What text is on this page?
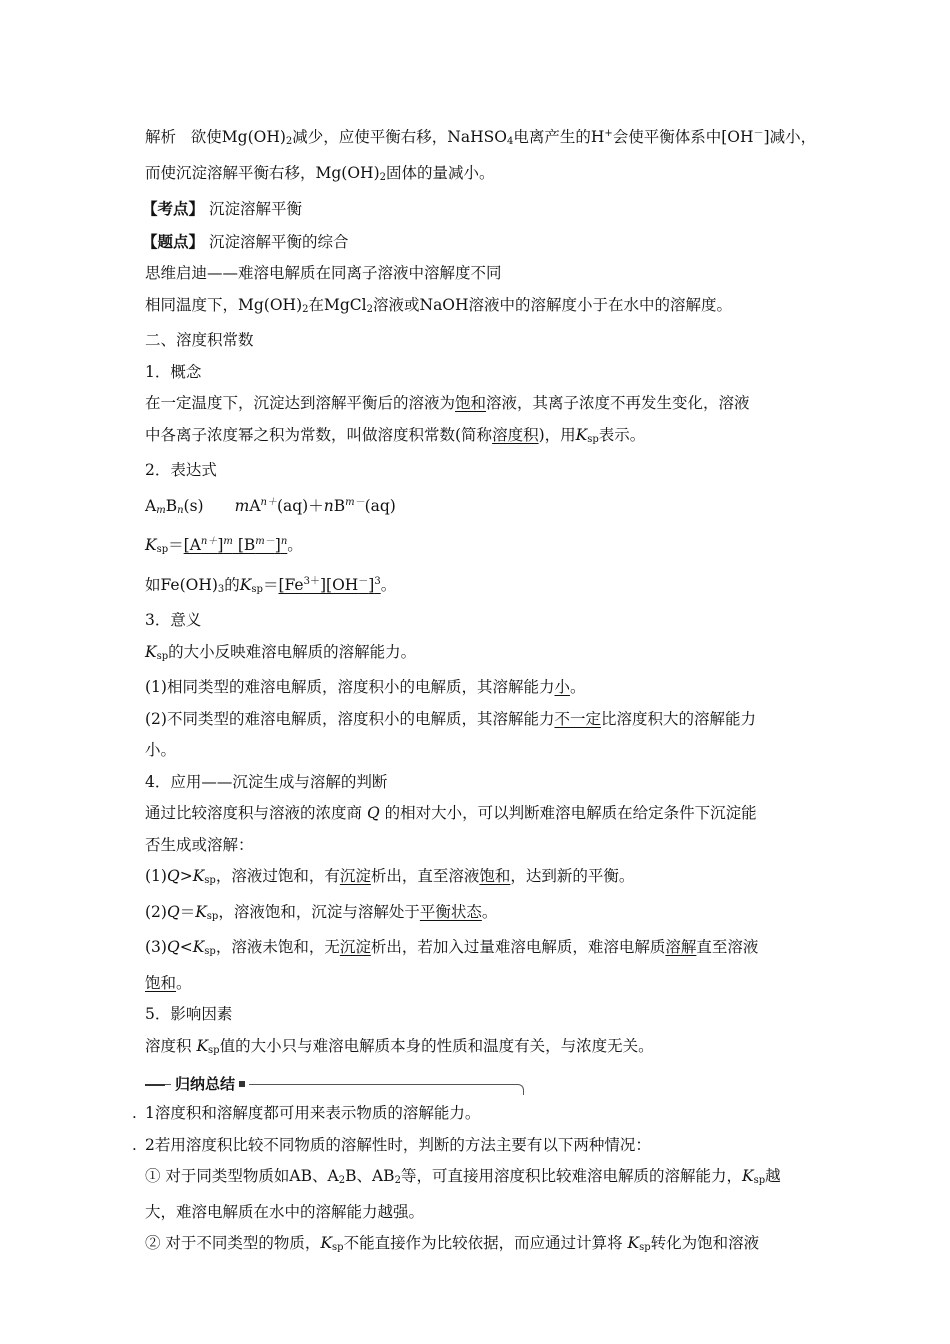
解析 欲使$Mg(OH)_2$减少，应使平衡右移，NaHSO$_4$电离产生的H+会使平衡体系中[OH－]减小，
而使沉淀溶解平衡右移，$Mg(OH)_2$固体的量减小。
【考点】 沉淀溶解平衡
【题点】 沉淀溶解平衡的综合
思维启迪——难溶电解质在同离子溶液中溶解度不同
相同温度下，$Mg(OH)_2$在MgCl$_2$溶液或NaOH溶液中的溶解度小于在水中的溶解度。
二、溶度积常数
1．概念
在一定温度下，沉淀达到溶解平衡后的溶液为饱和溶液，其离子浓度不再发生变化，溶液
中各离子浓度幂之积为常数，叫做溶度积常数(简称溶度积)，用$K_{sp}$表示。
2．表达式
$A_mB_n(s)$　　 $mA^{n+}(aq)+nB^{m-}(aq)$
$K_{sp}=[A^{n+}]^m$ $[B^{m-}]^n$。
如$Fe(OH)_3$的$K_{sp}=[Fe^{3+}][OH^-]^3$。
3．意义
$K_{sp}$的大小反映难溶电解质的溶解能力。
(1)相同类型的难溶电解质，溶度积小的电解质，其溶解能力小。
(2)不同类型的难溶电解质，溶度积小的电解质，其溶解能力不一定比溶度积大的溶解能力
小。
4．应用——沉淀生成与溶解的判断
通过比较溶度积与溶液的浓度商 Q 的相对大小，可以判断难溶电解质在给定条件下沉淀能
否生成或溶解：
$(1)Q>K_{sp}$，溶液过饱和，有沉淀析出，直至溶液饱和，达到新的平衡。
$(2)Q=K_{sp}$，溶液饱和，沉淀与溶解处于平衡状态。
$(3)Q<K_{sp}$，溶液未饱和，无沉淀析出，若加入过量难溶电解质，难溶电解质溶解直至溶液
饱和。
5．影响因素
溶度积 $K_{sp}$值的大小只与难溶电解质本身的性质和温度有关，与浓度无关。
归纳总结
. 1溶度积和溶解度都可用来表示物质的溶解能力。
. 2若用溶度积比较不同物质的溶解性时，判断的方法主要有以下两种情况：
① 对于同类型物质如AB、$A_2B$、$AB_2$等，可直接用溶度积比较难溶电解质的溶解能力，$K_{sp}$越
大，难溶电解质在水中的溶解能力越强。
② 对于不同类型的物质，$K_{sp}$不能直接作为比较依据，而应通过计算将 $K_{sp}$转化为饱和溶液
